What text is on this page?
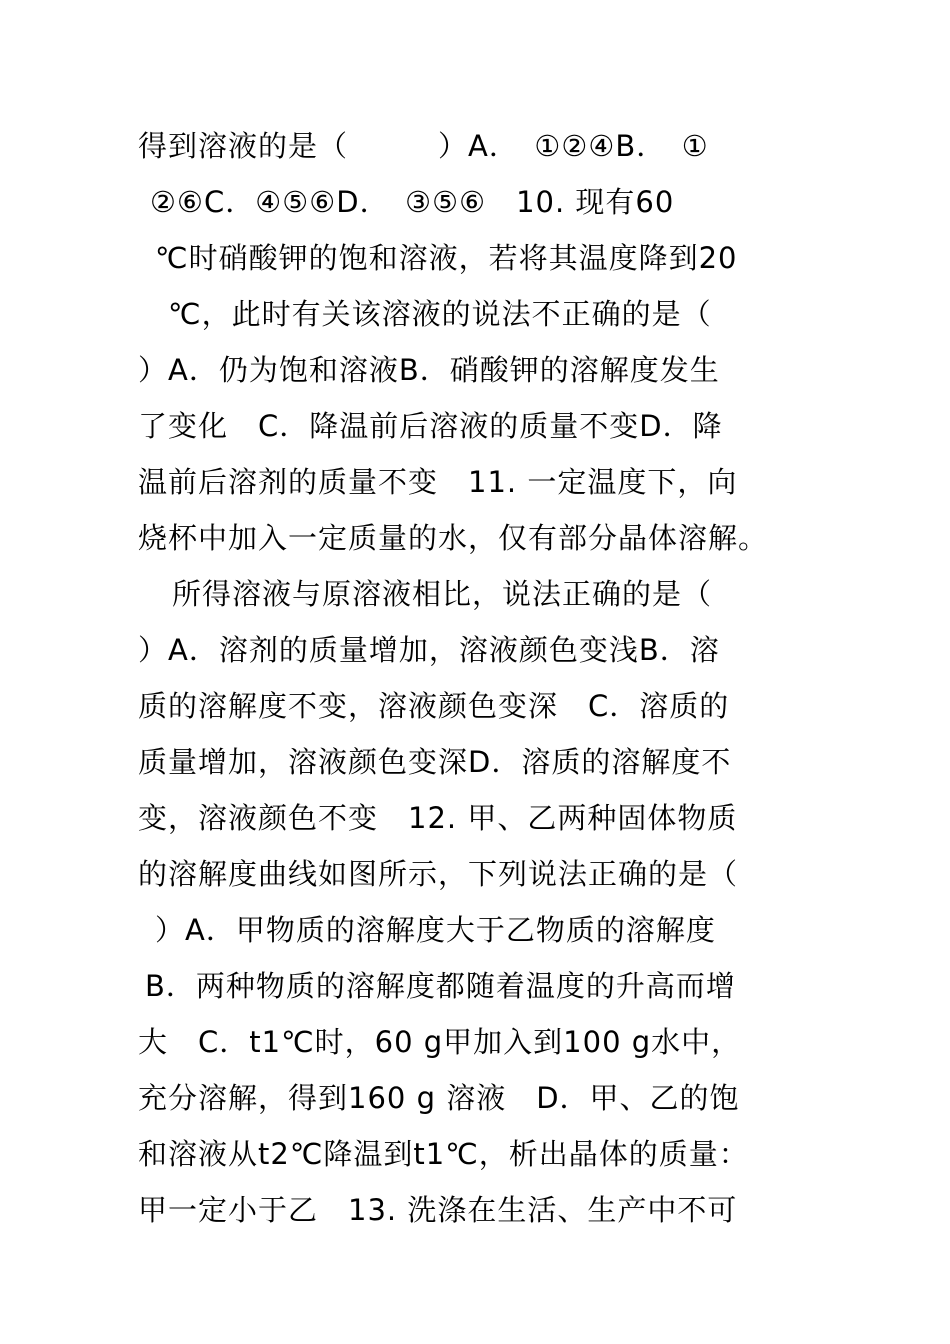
得到溶液的是（　　　）A．　①②④B．　①
②⑥C．④⑤⑥D．　③⑤⑥　10. 现有60
℃时硝酸钾的饱和溶液，若将其温度降到20
℃，此时有关该溶液的说法不正确的是（
）A．仍为饱和溶液B．硝酸钾的溶解度发生
了变化　C．降温前后溶液的质量不变D．降
温前后溶剂的质量不变　11. 一定温度下，向
烧杯中加入一定质量的水，仅有部分晶体溶解。
所得溶液与原溶液相比，说法正确的是（
）A．溶剂的质量增加，溶液颜色变浅B．溶
质的溶解度不变，溶液颜色变深　C．溶质的
质量增加，溶液颜色变深D．溶质的溶解度不
变，溶液颜色不变　12. 甲、乙两种固体物质
的溶解度曲线如图所示，下列说法正确的是（
）A．甲物质的溶解度大于乙物质的溶解度
B．两种物质的溶解度都随着温度的升高而增
大　C．t1℃时，60 g甲加入到100 g水中，
充分溶解，得到160 g 溶液　D．甲、乙的饱
和溶液从t2℃降温到t1℃，析出晶体的质量：
甲一定小于乙　13. 洗涤在生活、生产中不可
